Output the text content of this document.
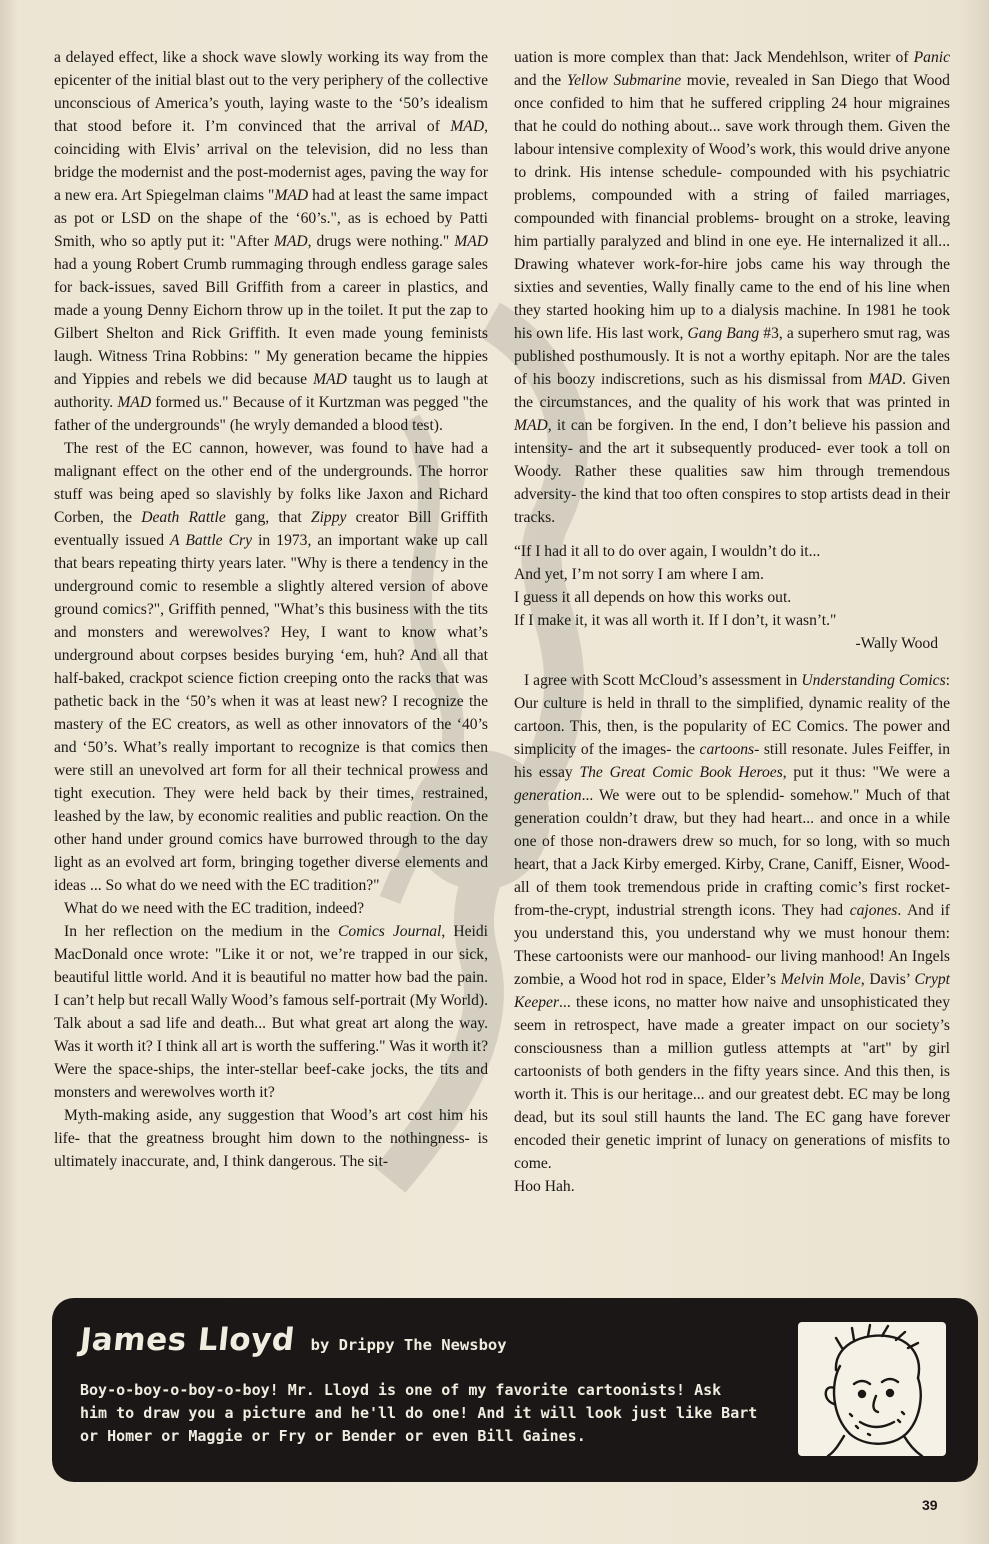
a delayed effect, like a shock wave slowly working its way from the epicenter of the initial blast out to the very periphery of the collective unconscious of America’s youth, laying waste to the ‘50’s idealism that stood before it. I’m convinced that the arrival of MAD, coinciding with Elvis’ arrival on the television, did no less than bridge the modernist and the post-modernist ages, paving the way for a new era. Art Spiegelman claims "MAD had at least the same impact as pot or LSD on the shape of the ‘60’s.", as is echoed by Patti Smith, who so aptly put it: "After MAD, drugs were nothing." MAD had a young Robert Crumb rummaging through endless garage sales for back-issues, saved Bill Griffith from a career in plastics, and made a young Denny Eichorn throw up in the toilet. It put the zap to Gilbert Shelton and Rick Griffith. It even made young feminists laugh. Witness Trina Robbins: " My generation became the hippies and Yippies and rebels we did because MAD taught us to laugh at authority. MAD formed us." Because of it Kurtzman was pegged "the father of the undergrounds" (he wryly demanded a blood test).

The rest of the EC cannon, however, was found to have had a malignant effect on the other end of the undergrounds. The horror stuff was being aped so slavishly by folks like Jaxon and Richard Corben, the Death Rattle gang, that Zippy creator Bill Griffith eventually issued A Battle Cry in 1973, an important wake up call that bears repeating thirty years later. "Why is there a tendency in the underground comic to resemble a slightly altered version of above ground comics?", Griffith penned, "What’s this business with the tits and monsters and werewolves? Hey, I want to know what’s underground about corpses besides burying ‘em, huh? And all that half-baked, crackpot science fiction creeping onto the racks that was pathetic back in the ‘50’s when it was at least new? I recognize the mastery of the EC creators, as well as other innovators of the ‘40’s and ‘50’s. What’s really important to recognize is that comics then were still an unevolved art form for all their technical prowess and tight execution. They were held back by their times, restrained, leashed by the law, by economic realities and public reaction. On the other hand under ground comics have burrowed through to the day light as an evolved art form, bringing together diverse elements and ideas ... So what do we need with the EC tradition?"

What do we need with the EC tradition, indeed?

In her reflection on the medium in the Comics Journal, Heidi MacDonald once wrote: "Like it or not, we’re trapped in our sick, beautiful little world. And it is beautiful no matter how bad the pain. I can’t help but recall Wally Wood’s famous self-portrait (My World). Talk about a sad life and death... But what great art along the way. Was it worth it? I think all art is worth the suffering." Was it worth it? Were the space-ships, the inter-stellar beef-cake jocks, the tits and monsters and werewolves worth it?

Myth-making aside, any suggestion that Wood’s art cost him his life- that the greatness brought him down to the nothingness- is ultimately inaccurate, and, I think dangerous. The sit-

uation is more complex than that: Jack Mendehlson, writer of Panic and the Yellow Submarine movie, revealed in San Diego that Wood once confided to him that he suffered crippling 24 hour migraines that he could do nothing about... save work through them. Given the labour intensive complexity of Wood’s work, this would drive anyone to drink. His intense schedule- compounded with his psychiatric problems, compounded with a string of failed marriages, compounded with financial problems- brought on a stroke, leaving him partially paralyzed and blind in one eye. He internalized it all... Drawing whatever work-for-hire jobs came his way through the sixties and seventies, Wally finally came to the end of his line when they started hooking him up to a dialysis machine. In 1981 he took his own life. His last work, Gang Bang #3, a superhero smut rag, was published posthumously. It is not a worthy epitaph. Nor are the tales of his boozy indiscretions, such as his dismissal from MAD. Given the circumstances, and the quality of his work that was printed in MAD, it can be forgiven. In the end, I don’t believe his passion and intensity- and the art it subsequently produced- ever took a toll on Woody. Rather these qualities saw him through tremendous adversity- the kind that too often conspires to stop artists dead in their tracks.

“If I had it all to do over again, I wouldn’t do it...
And yet, I’m not sorry I am where I am.
I guess it all depends on how this works out.
If I make it, it was all worth it. If I don’t, it wasn’t."
-Wally Wood

I agree with Scott McCloud’s assessment in Understanding Comics: Our culture is held in thrall to the simplified, dynamic reality of the cartoon. This, then, is the popularity of EC Comics. The power and simplicity of the images- the cartoons- still resonate. Jules Feiffer, in his essay The Great Comic Book Heroes, put it thus: "We were a generation... We were out to be splendid- somehow." Much of that generation couldn’t draw, but they had heart... and once in a while one of those non-drawers drew so much, for so long, with so much heart, that a Jack Kirby emerged. Kirby, Crane, Caniff, Eisner, Wood- all of them took tremendous pride in crafting comic’s first rocket-from-the-crypt, industrial strength icons. They had cajones. And if you understand this, you understand why we must honour them: These cartoonists were our manhood- our living manhood! An Ingels zombie, a Wood hot rod in space, Elder’s Melvin Mole, Davis’ Crypt Keeper... these icons, no matter how naive and unsophisticated they seem in retrospect, have made a greater impact on our society’s consciousness than a million gutless attempts at "art" by girl cartoonists of both genders in the fifty years since. And this then, is worth it. This is our heritage... and our greatest debt. EC may be long dead, but its soul still haunts the land. The EC gang have forever encoded their genetic imprint of lunacy on generations of misfits to come.

Hoo Hah.

James Lloyd by Drippy The Newsboy
Boy-o-boy-o-boy-o-boy! Mr. Lloyd is one of my favorite cartoonists! Ask
him to draw you a picture and he'll do one! And it will look just like Bart
or Homer or Maggie or Fry or Bender or even Bill Gaines.
39
